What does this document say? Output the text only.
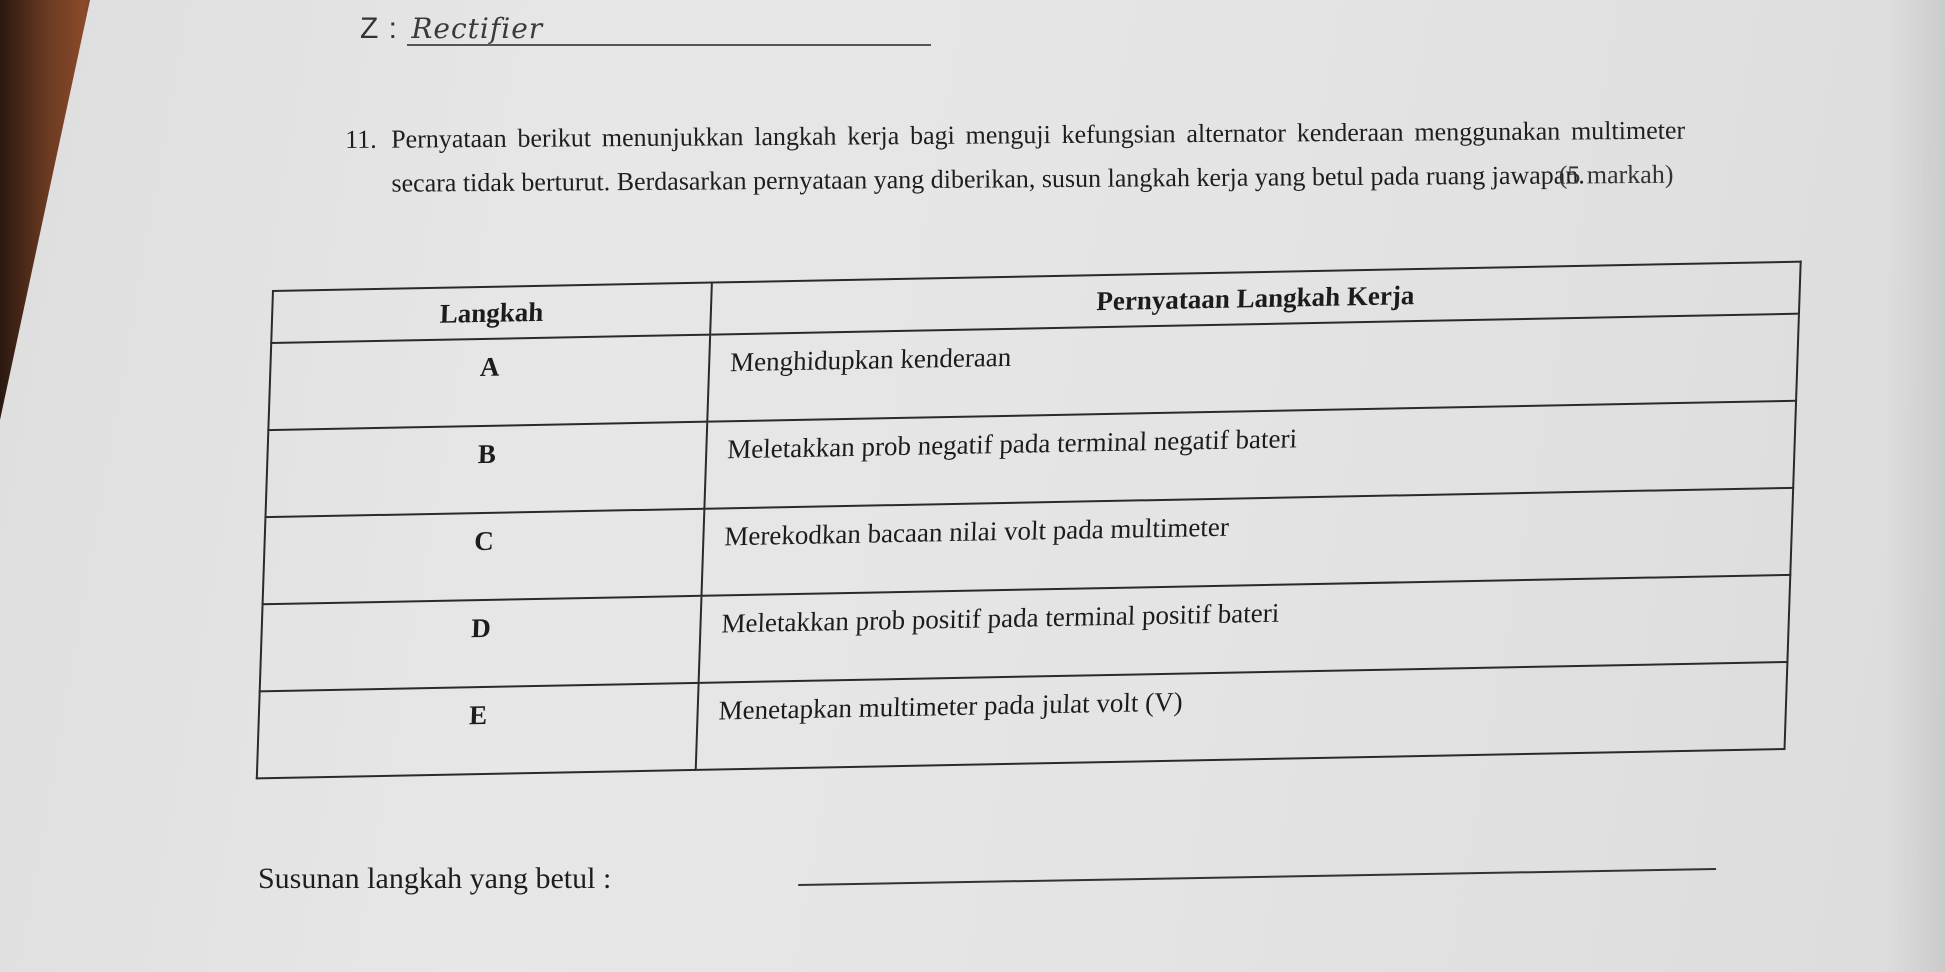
Z : Rectifier
11. Pernyataan berikut menunjukkan langkah kerja bagi menguji kefungsian alternator kenderaan menggunakan multimeter secara tidak berturut. Berdasarkan pernyataan yang diberikan, susun langkah kerja yang betul pada ruang jawapan.
(5 markah)
Langkah	Pernyataan Langkah Kerja
A	Menghidupkan kenderaan
B	Meletakkan prob negatif pada terminal negatif bateri
C	Merekodkan bacaan nilai volt pada multimeter
D	Meletakkan prob positif pada terminal positif bateri
E	Menetapkan multimeter pada julat volt (V)
Susunan langkah yang betul :
